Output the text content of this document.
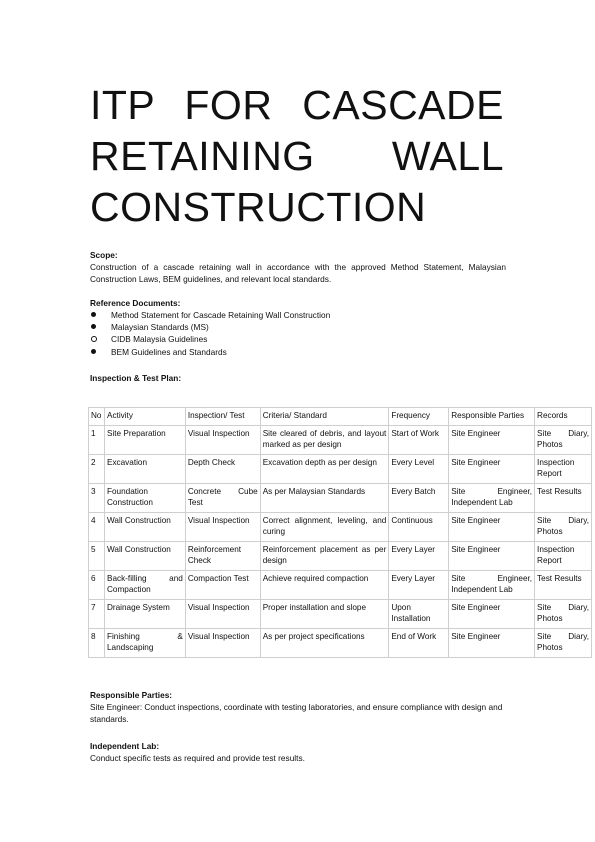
ITP FOR CASCADE
RETAINING WALL
CONSTRUCTION
Scope:
Construction of a cascade retaining wall in accordance with the approved Method Statement, Malaysian Construction Laws, BEM guidelines, and relevant local standards.
Reference Documents:
Method Statement for Cascade Retaining Wall Construction
Malaysian Standards (MS)
CIDB Malaysia Guidelines
BEM Guidelines and Standards
Inspection & Test Plan:
No	Activity	Inspection/ Test	Criteria/ Standard	Frequency	Responsible Parties	Records
1	Site Preparation	Visual Inspection	Site cleared of debris, and layout marked as per design	Start of Work	Site Engineer	Site Diary, Photos
2	Excavation	Depth Check	Excavation depth as per design	Every Level	Site Engineer	Inspection Report
3	Foundation Construction	Concrete Cube Test	As per Malaysian Standards	Every Batch	Site Engineer, Independent Lab	Test Results
4	Wall Construction	Visual Inspection	Correct alignment, leveling, and curing	Continuous	Site Engineer	Site Diary, Photos
5	Wall Construction	Reinforcement Check	Reinforcement placement as per design	Every Layer	Site Engineer	Inspection Report
6	Back-filling and Compaction	Compaction Test	Achieve required compaction	Every Layer	Site Engineer, Independent Lab	Test Results
7	Drainage System	Visual Inspection	Proper installation and slope	Upon Installation	Site Engineer	Site Diary, Photos
8	Finishing & Landscaping	Visual Inspection	As per project specifications	End of Work	Site Engineer	Site Diary, Photos
Responsible Parties:
Site Engineer: Conduct inspections, coordinate with testing laboratories, and ensure compliance with design and standards.
Independent Lab:
Conduct specific tests as required and provide test results.
